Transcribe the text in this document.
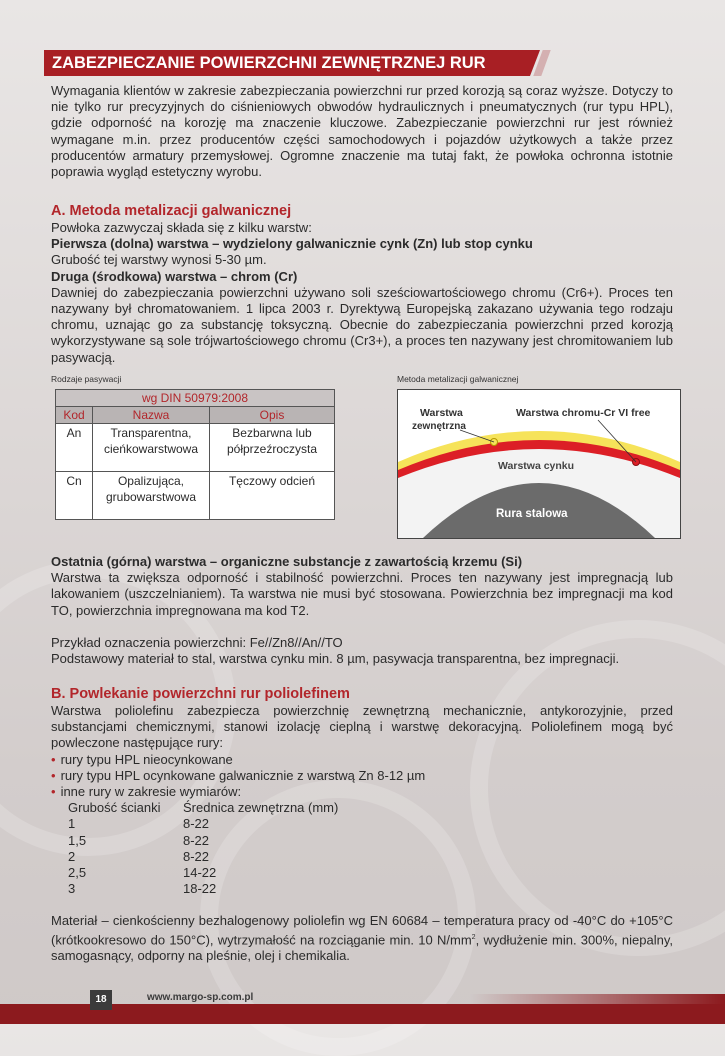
ZABEZPIECZANIE POWIERZCHNI ZEWNĘTRZNEJ RUR

Wymagania klientów w zakresie zabezpieczania powierzchni rur przed korozją są coraz wyższe. Dotyczy to nie tylko rur precyzyjnych do ciśnieniowych obwodów hydraulicznych i pneumatycznych (rur typu HPL), gdzie odporność na korozję ma znaczenie kluczowe. Zabezpieczanie powierzchni rur jest również wymagane m.in. przez producentów części samochodowych i pojazdów użytkowych a także przez producentów armatury przemysłowej. Ogromne znaczenie ma tutaj fakt, że powłoka ochronna istotnie poprawia wygląd estetyczny wyrobu.

A. Metoda metalizacji galwanicznej

Powłoka zazwyczaj składa się z kilku warstw:

Pierwsza (dolna) warstwa – wydzielony galwanicznie cynk (Zn) lub stop cynku

Grubość tej warstwy wynosi 5-30 µm.

Druga (środkowa) warstwa – chrom (Cr)

Dawniej do zabezpieczania powierzchni używano soli sześciowartościowego chromu (Cr6+). Proces ten nazywany był chromatowaniem. 1 lipca 2003 r. Dyrektywą Europejską zakazano używania tego rodzaju chromu, uznając go za substancję toksyczną. Obecnie do zabezpieczania powierzchni przed korozją wykorzystywane są sole trójwartościowego chromu (Cr3+), a proces ten nazywany jest chromitowaniem lub pasywacją.

Rodzaje pasywacji	Metoda metalizacji galwanicznej
wg DIN 50979:2008		
Kod	Nazwa	Opis
An	Transparentna, cieńkowarstwowa	Bezbarwna lub półprzeźroczysta
Cn	Opalizująca, grubowarstwowa	Tęczowy odcień
Warstwa
zewnętrzna
Warstwa chromu-Cr VI free
Warstwa cynku
Rura stalowa

Ostatnia (górna) warstwa – organiczne substancje z zawartością krzemu (Si)

Warstwa ta zwiększa odporność i stabilność powierzchni. Proces ten nazywany jest impregnacją lub lakowaniem (uszczelnianiem). Ta warstwa nie musi być stosowana. Powierzchnia bez impregnacji ma kod TO, powierzchnia impregnowana ma kod T2.

Przykład oznaczenia powierzchni: Fe//Zn8//An//TO

Podstawowy materiał to stal, warstwa cynku min. 8 µm, pasywacja transparentna, bez impregnacji.

B. Powlekanie powierzchni rur poliolefinem

Warstwa poliolefinu zabezpiecza powierzchnię zewnętrzną mechanicznie, antykorozyjnie, przed substancjami chemicznymi, stanowi izolację cieplną i warstwę dekoracyjną. Poliolefinem mogą być powleczone następujące rury:

• rury typu HPL nieocynkowane
• rury typu HPL ocynkowane galwanicznie z warstwą Zn 8-12 µm
• inne rury w zakresie wymiarów:
Grubość ścianki	Średnica zewnętrzna (mm)
1	8-22
1,5	8-22
2	8-22
2,5	14-22
3	18-22

Materiał – cienkościenny bezhalogenowy poliolefin wg EN 60684 – temperatura pracy od -40°C do +105°C (krótkookresowo do 150°C), wytrzymałość na rozciąganie min. 10 $N/mm^2$, wydłużenie min. 300%, niepalny, samogasnący, odporny na pleśnie, olej i chemikalia.

18	www.margo-sp.com.pl
